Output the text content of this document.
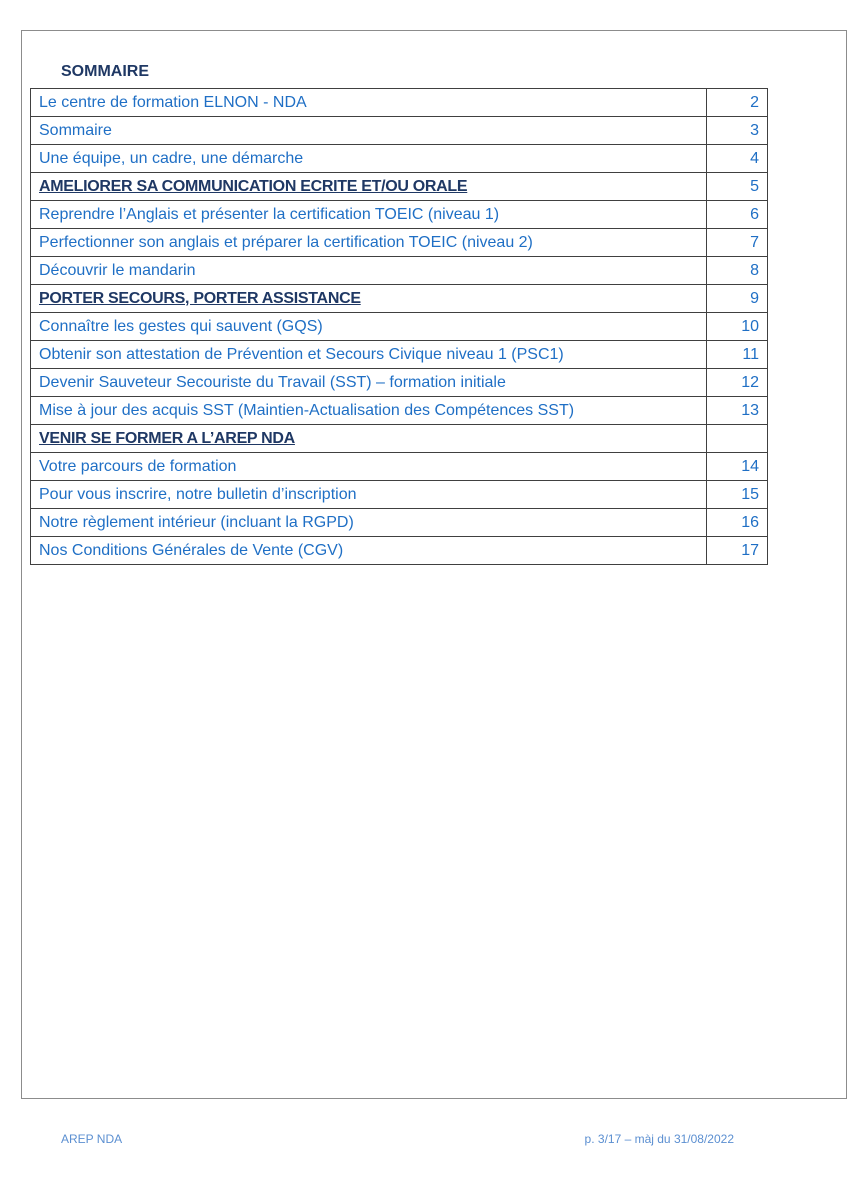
SOMMAIRE
Le centre de formation ELNON - NDA	2
Sommaire	3
Une équipe, un cadre, une démarche	4
AMELIORER SA COMMUNICATION ECRITE ET/OU ORALE	5
Reprendre l’Anglais et présenter la certification TOEIC (niveau 1)	6
Perfectionner son anglais et préparer la certification TOEIC (niveau 2)	7
Découvrir le mandarin	8
PORTER SECOURS, PORTER ASSISTANCE	9
Connaître les gestes qui sauvent (GQS)	10
Obtenir son attestation de Prévention et Secours Civique niveau 1 (PSC1)	11
Devenir Sauveteur Secouriste du Travail (SST) – formation initiale	12
Mise à jour des acquis SST (Maintien-Actualisation des Compétences SST)	13
VENIR SE FORMER A L’AREP NDA	
Votre parcours de formation	14
Pour vous inscrire, notre bulletin d’inscription	15
Notre règlement intérieur (incluant la RGPD)	16
Nos Conditions Générales de Vente (CGV)	17
AREP NDA	p. 3/17 – màj du 31/08/2022
